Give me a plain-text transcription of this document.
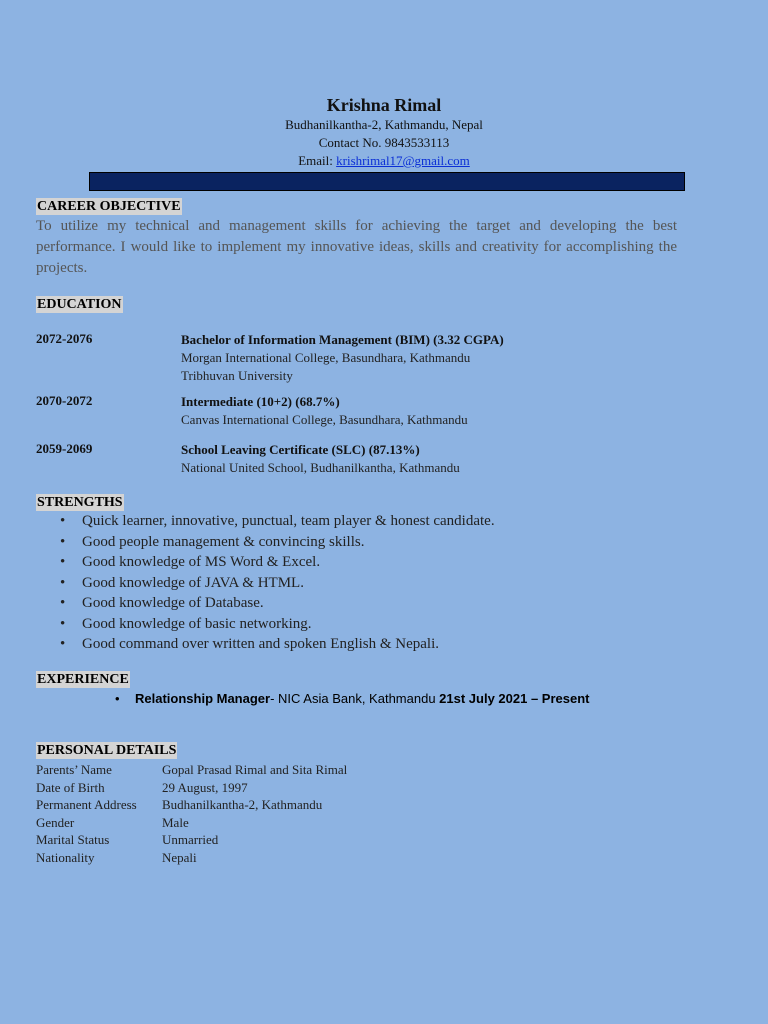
Krishna Rimal
Budhanilkantha-2, Kathmandu, Nepal
Contact No. 9843533113
Email: krishrimal17@gmail.com
CAREER OBJECTIVE
To utilize my technical and management skills for achieving the target and developing the best performance. I would like to implement my innovative ideas, skills and creativity for accomplishing the projects.
EDUCATION
2072-2076	Bachelor of Information Management (BIM) (3.32 CGPA)
Morgan International College, Basundhara, Kathmandu
Tribhuvan University
2070-2072	Intermediate (10+2) (68.7%)
Canvas International College, Basundhara, Kathmandu
2059-2069	School Leaving Certificate (SLC) (87.13%)
National United School, Budhanilkantha, Kathmandu
STRENGTHS
• Quick learner, innovative, punctual, team player & honest candidate.
• Good people management & convincing skills.
• Good knowledge of MS Word & Excel.
• Good knowledge of JAVA & HTML.
• Good knowledge of Database.
• Good knowledge of basic networking.
• Good command over written and spoken English & Nepali.
EXPERIENCE
• Relationship Manager- NIC Asia Bank, Kathmandu 21st July 2021 – Present
PERSONAL DETAILS
Parents’ Name	Gopal Prasad Rimal and Sita Rimal
Date of Birth	29 August, 1997
Permanent Address Budhanilkantha-2, Kathmandu
Gender	Male
Marital Status	Unmarried
Nationality	Nepali
